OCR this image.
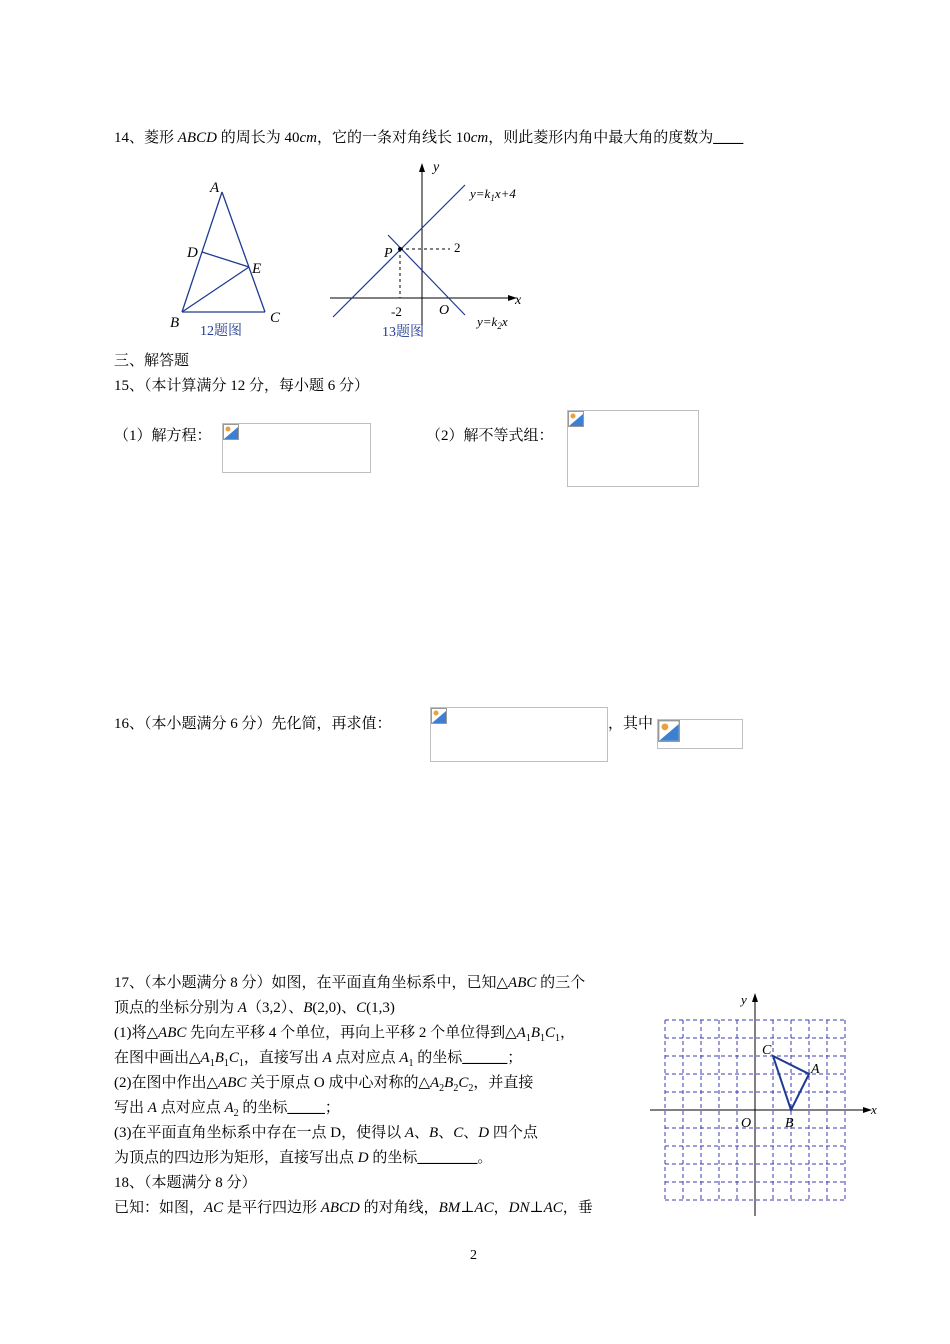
14、菱形 ABCD 的周长为 40cm，它的一条对角线长 10cm，则此菱形内角中最大角的度数为____
A
D
E
B	C
12题图
y
x
O
P
-2
2
$y=k_1x+4$
$y=k_2x$
13题图
三、解答题
15、（本计算满分 12 分，每小题 6 分）
（1）解方程：	（2）解不等式组：
16、（本小题满分 6 分）先化简，再求值：	，其中
17、（本小题满分 8 分）如图，在平面直角坐标系中，已知△ABC 的三个
顶点的坐标分别为 A（3,2）、B(2,0)、C(1,3)
(1)将△ABC 先向左平移 4 个单位，再向上平移 2 个单位得到$\triangle A_1B_1C_1$，
在图中画出$\triangle A_1B_1C_1$，直接写出 A 点对应点 $A_1$ 的坐标______；
(2)在图中作出△ABC 关于原点 O 成中心对称的$\triangle A_2B_2C_2$，并直接
写出 A 点对应点 $A_2$ 的坐标_____；
(3)在平面直角坐标系中存在一点 D，使得以 A、B、C、D 四个点
为顶点的四边形为矩形，直接写出点 D 的坐标________。
18、（本题满分 8 分）
已知：如图，AC 是平行四边形 ABCD 的对角线，BM⊥AC，DN⊥AC，垂
x
y
O
A
B
C
2
